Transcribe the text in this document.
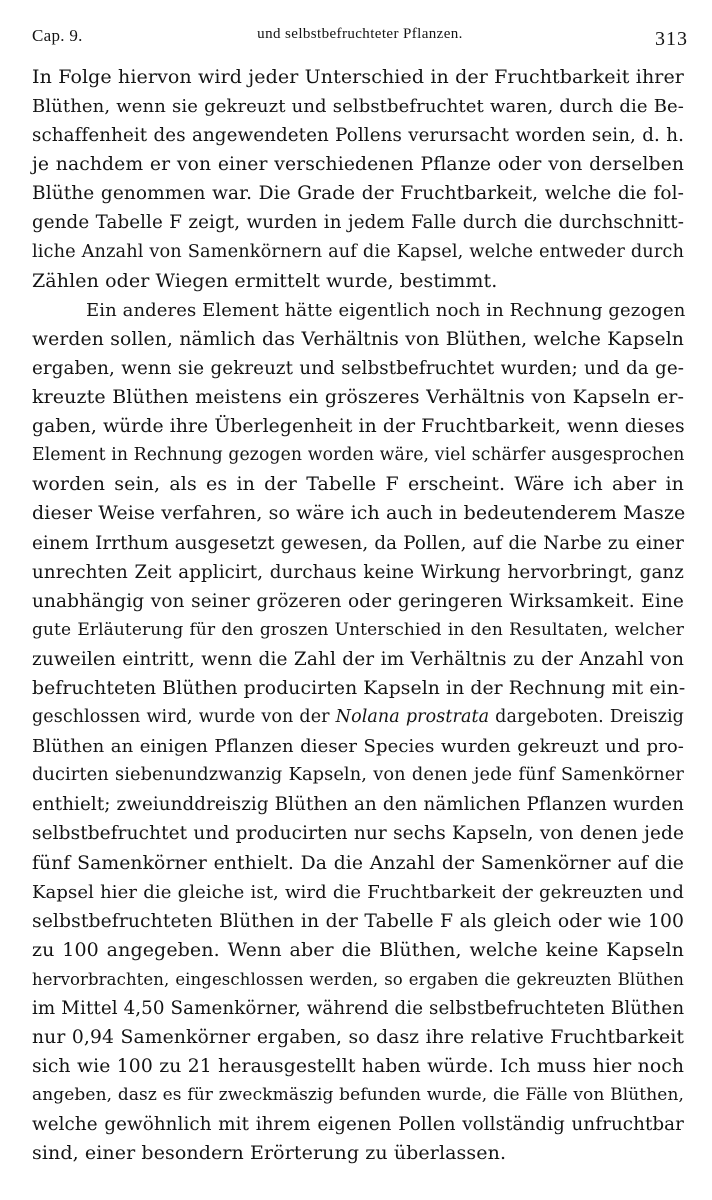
Cap. 9.	und selbstbefruchteter Pflanzen.	313
In Folge hiervon wird jeder Unterschied in der Fruchtbarkeit ihrer
Blüthen, wenn sie gekreuzt und selbstbefruchtet waren, durch die Be-
schaffenheit des angewendeten Pollens verursacht worden sein, d. h.
je nachdem er von einer verschiedenen Pflanze oder von derselben
Blüthe genommen war. Die Grade der Fruchtbarkeit, welche die fol-
gende Tabelle F zeigt, wurden in jedem Falle durch die durchschnitt-
liche Anzahl von Samenkörnern auf die Kapsel, welche entweder durch
Zählen oder Wiegen ermittelt wurde, bestimmt.
Ein anderes Element hätte eigentlich noch in Rechnung gezogen
werden sollen, nämlich das Verhältnis von Blüthen, welche Kapseln
ergaben, wenn sie gekreuzt und selbstbefruchtet wurden; und da ge-
kreuzte Blüthen meistens ein gröszeres Verhältnis von Kapseln er-
gaben, würde ihre Überlegenheit in der Fruchtbarkeit, wenn dieses
Element in Rechnung gezogen worden wäre, viel schärfer ausgesprochen
worden sein, als es in der Tabelle F erscheint. Wäre ich aber in
dieser Weise verfahren, so wäre ich auch in bedeutenderem Masze
einem Irrthum ausgesetzt gewesen, da Pollen, auf die Narbe zu einer
unrechten Zeit applicirt, durchaus keine Wirkung hervorbringt, ganz
unabhängig von seiner grözeren oder geringeren Wirksamkeit. Eine
gute Erläuterung für den groszen Unterschied in den Resultaten, welcher
zuweilen eintritt, wenn die Zahl der im Verhältnis zu der Anzahl von
befruchteten Blüthen producirten Kapseln in der Rechnung mit ein-
geschlossen wird, wurde von der Nolana prostrata dargeboten. Dreiszig
Blüthen an einigen Pflanzen dieser Species wurden gekreuzt und pro-
ducirten siebenundzwanzig Kapseln, von denen jede fünf Samenkörner
enthielt; zweiunddreiszig Blüthen an den nämlichen Pflanzen wurden
selbstbefruchtet und producirten nur sechs Kapseln, von denen jede
fünf Samenkörner enthielt. Da die Anzahl der Samenkörner auf die
Kapsel hier die gleiche ist, wird die Fruchtbarkeit der gekreuzten und
selbstbefruchteten Blüthen in der Tabelle F als gleich oder wie 100
zu 100 angegeben. Wenn aber die Blüthen, welche keine Kapseln
hervorbrachten, eingeschlossen werden, so ergaben die gekreuzten Blüthen
im Mittel 4,50 Samenkörner, während die selbstbefruchteten Blüthen
nur 0,94 Samenkörner ergaben, so dasz ihre relative Fruchtbarkeit
sich wie 100 zu 21 herausgestellt haben würde. Ich muss hier noch
angeben, dasz es für zweckmäszig befunden wurde, die Fälle von Blüthen,
welche gewöhnlich mit ihrem eigenen Pollen vollständig unfruchtbar
sind, einer besondern Erörterung zu überlassen.
